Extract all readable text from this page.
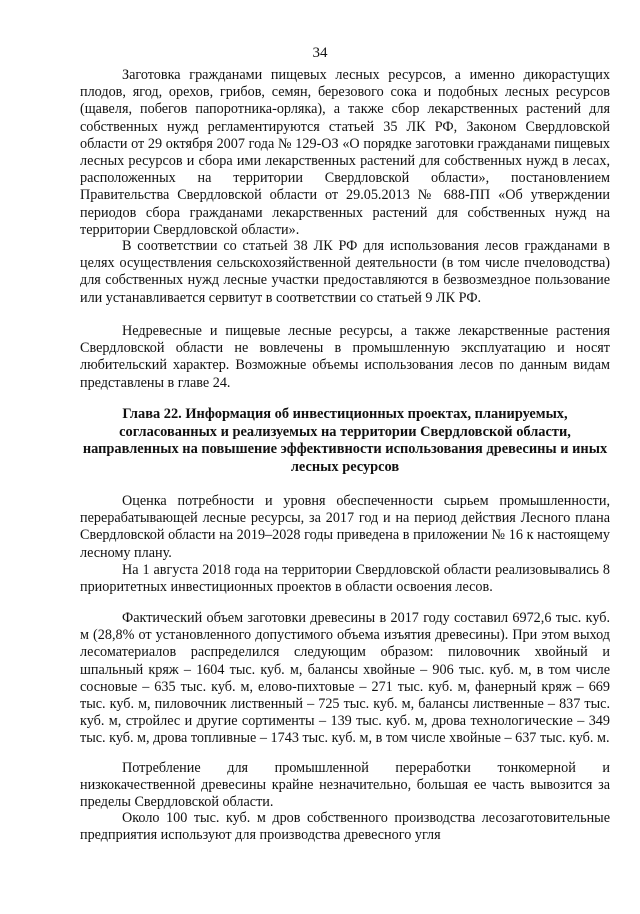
34

Заготовка гражданами пищевых лесных ресурсов, а именно дикорастущих плодов, ягод, орехов, грибов, семян, березового сока и подобных лесных ресурсов (щавеля, побегов папоротника-орляка), а также сбор лекарственных растений для собственных нужд регламентируются статьей 35 ЛК РФ, Законом Свердловской области от 29 октября 2007 года № 129-ОЗ «О порядке заготовки гражданами пищевых лесных ресурсов и сбора ими лекарственных растений для собственных нужд в лесах, расположенных на территории Свердловской области», постановлением Правительства Свердловской области от 29.05.2013 № 688-ПП «Об утверждении периодов сбора гражданами лекарственных растений для собственных нужд на территории Свердловской области».

В соответствии со статьей 38 ЛК РФ для использования лесов гражданами в целях осуществления сельскохозяйственной деятельности (в том числе пчеловодства) для собственных нужд лесные участки предоставляются в безвозмездное пользование или устанавливается сервитут в соответствии со статьей 9 ЛК РФ.

Недревесные и пищевые лесные ресурсы, а также лекарственные растения Свердловской области не вовлечены в промышленную эксплуатацию и носят любительский характер. Возможные объемы использования лесов по данным видам представлены в главе 24.

Глава 22. Информация об инвестиционных проектах, планируемых, согласованных и реализуемых на территории Свердловской области, направленных на повышение эффективности использования древесины и иных лесных ресурсов

Оценка потребности и уровня обеспеченности сырьем промышленности, перерабатывающей лесные ресурсы, за 2017 год и на период действия Лесного плана Свердловской области на 2019–2028 годы приведена в приложении № 16 к настоящему лесному плану.

На 1 августа 2018 года на территории Свердловской области реализовывались 8 приоритетных инвестиционных проектов в области освоения лесов.

Фактический объем заготовки древесины в 2017 году составил 6972,6 тыс. куб. м (28,8% от установленного допустимого объема изъятия древесины). При этом выход лесоматериалов распределился следующим образом: пиловочник хвойный и шпальный кряж – 1604 тыс. куб. м, балансы хвойные – 906 тыс. куб. м, в том числе сосновые – 635 тыс. куб. м, елово-пихтовые – 271 тыс. куб. м, фанерный кряж – 669 тыс. куб. м, пиловочник лиственный – 725 тыс. куб. м, балансы лиственные – 837 тыс. куб. м, стройлес и другие сортименты – 139 тыс. куб. м, дрова технологические – 349 тыс. куб. м, дрова топливные – 1743 тыс. куб. м, в том числе хвойные – 637 тыс. куб. м.

Потребление для промышленной переработки тонкомерной и низкокачественной древесины крайне незначительно, большая ее часть вывозится за пределы Свердловской области.

Около 100 тыс. куб. м дров собственного производства лесозаготовительные предприятия используют для производства древесного угля
